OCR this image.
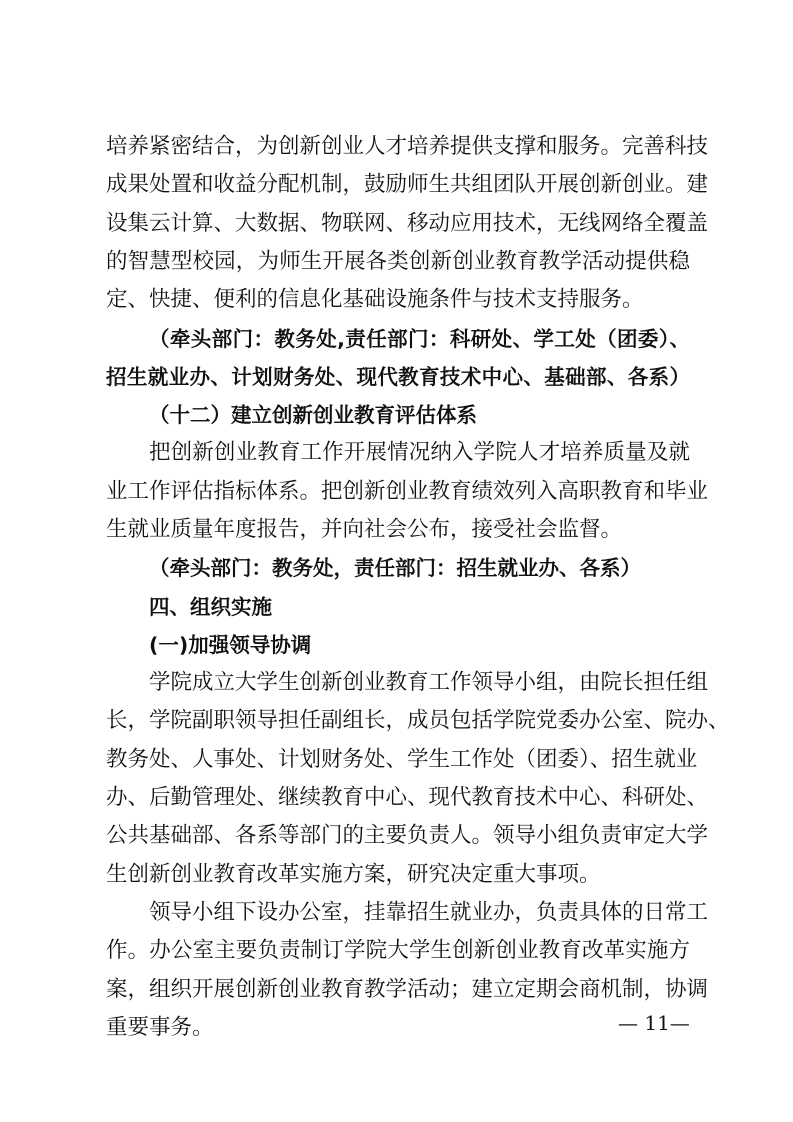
培养紧密结合，为创新创业人才培养提供支撑和服务。完善科技
成果处置和收益分配机制，鼓励师生共组团队开展创新创业。建
设集云计算、大数据、物联网、移动应用技术，无线网络全覆盖
的智慧型校园，为师生开展各类创新创业教育教学活动提供稳
定、快捷、便利的信息化基础设施条件与技术支持服务。
（牵头部门：教务处,责任部门：科研处、学工处（团委）、
招生就业办、计划财务处、现代教育技术中心、基础部、各系）
（十二）建立创新创业教育评估体系
把创新创业教育工作开展情况纳入学院人才培养质量及就
业工作评估指标体系。把创新创业教育绩效列入高职教育和毕业
生就业质量年度报告，并向社会公布，接受社会监督。
（牵头部门：教务处，责任部门：招生就业办、各系）
四、组织实施
(一)加强领导协调
学院成立大学生创新创业教育工作领导小组，由院长担任组
长，学院副职领导担任副组长，成员包括学院党委办公室、院办、
教务处、人事处、计划财务处、学生工作处（团委）、招生就业
办、后勤管理处、继续教育中心、现代教育技术中心、科研处、
公共基础部、各系等部门的主要负责人。领导小组负责审定大学
生创新创业教育改革实施方案，研究决定重大事项。
领导小组下设办公室，挂靠招生就业办，负责具体的日常工
作。办公室主要负责制订学院大学生创新创业教育改革实施方
案，组织开展创新创业教育教学活动；建立定期会商机制，协调
重要事务。	— 11—
